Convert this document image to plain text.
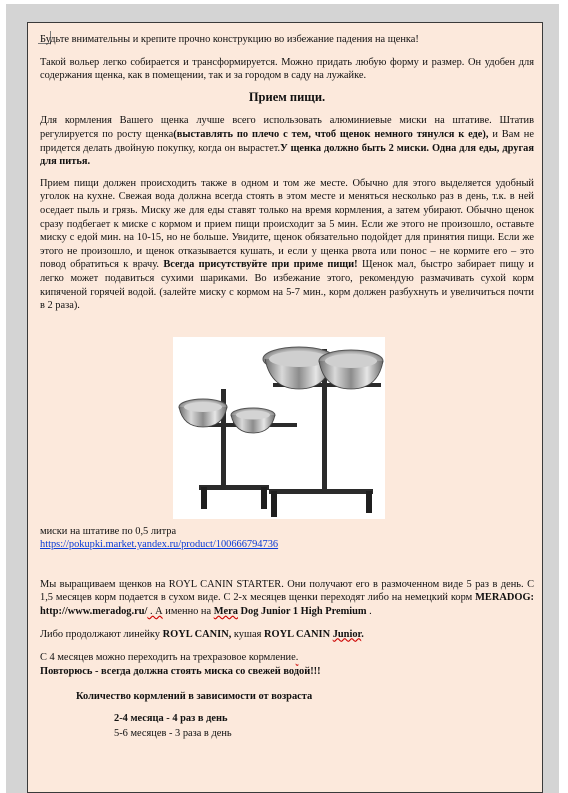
Будьте внимательны и крепите прочно конструкцию во избежание падения на щенка!

Такой вольер легко собирается и трансформируется. Можно придать любую форму и размер. Он удобен для содержания щенка, как в помещении, так и за городом в саду на лужайке.

Прием пищи.

Для кормления Вашего щенка лучше всего использовать алюминиевые миски на штативе. Штатив регулируется по росту щенка(выставлять по плечо с тем, чтоб щенок немного тянулся к еде), и Вам не придется делать двойную покупку, когда он вырастет.У щенка должно быть 2 миски. Одна для еды, другая для питья.

Прием пищи должен происходить также в одном и том же месте. Обычно для этого выделяется удобный уголок на кухне. Свежая вода должна всегда стоять в этом месте и меняться несколько раз в день, т.к. в ней оседает пыль и грязь. Миску же для еды ставят только на время кормления, а затем убирают. Обычно щенок сразу подбегает к миске с кормом и прием пищи происходит за 5 мин. Если же этого не произошло, оставьте миску с едой мин. на 10-15, но не больше. Увидите, щенок обязательно подойдет для принятия пищи. Если же этого не произошло, и щенок отказывается кушать, и если у щенка рвота или понос – не кормите его – это повод обратиться к врачу. Всегда присутствуйте при приме пищи! Щенок мал, быстро забирает пищу и легко может подавиться сухими шариками. Во избежание этого, рекомендую размачивать сухой корм кипяченой горячей водой. (залейте миску с кормом на 5-7 мин., корм должен разбухнуть и увеличиться почти в 2 раза).

миски на штативе по 0,5 литра
https://pokupki.market.yandex.ru/product/100666794736

Мы выращиваем щенков на ROYL CANIN STARTER. Они получают его в размоченном виде 5 раз в день. С 1,5 месяцев корм подается в сухом виде. С 2-х месяцев щенки переходят либо на немецкий корм MERADOG: http://www.meradog.ru/ . А именно на Mera Dog Junior 1 High Premium .

Либо продолжают линейку ROYL CANIN, кушая ROYL CANIN Junior.

С 4 месяцев можно переходить на трехразовое кормление.

Повторюсь - всегда должна стоять миска со свежей водой!!!

Количество кормлений в зависимости от возраста
2-4 месяца - 4 раз в день
5-6 месяцев - 3 раза в день
